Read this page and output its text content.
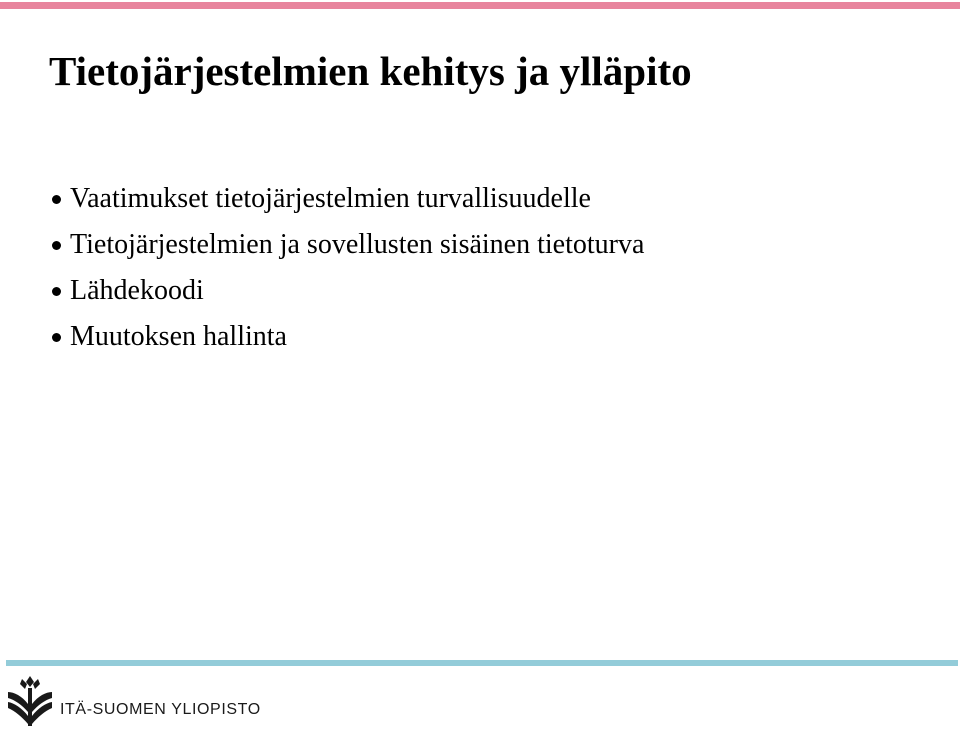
Tietojärjestelmien kehitys ja ylläpito
Vaatimukset tietojärjestelmien turvallisuudelle
Tietojärjestelmien ja sovellusten sisäinen tietoturva
Lähdekoodi
Muutoksen hallinta
ITÄ-SUOMEN YLIOPISTO
